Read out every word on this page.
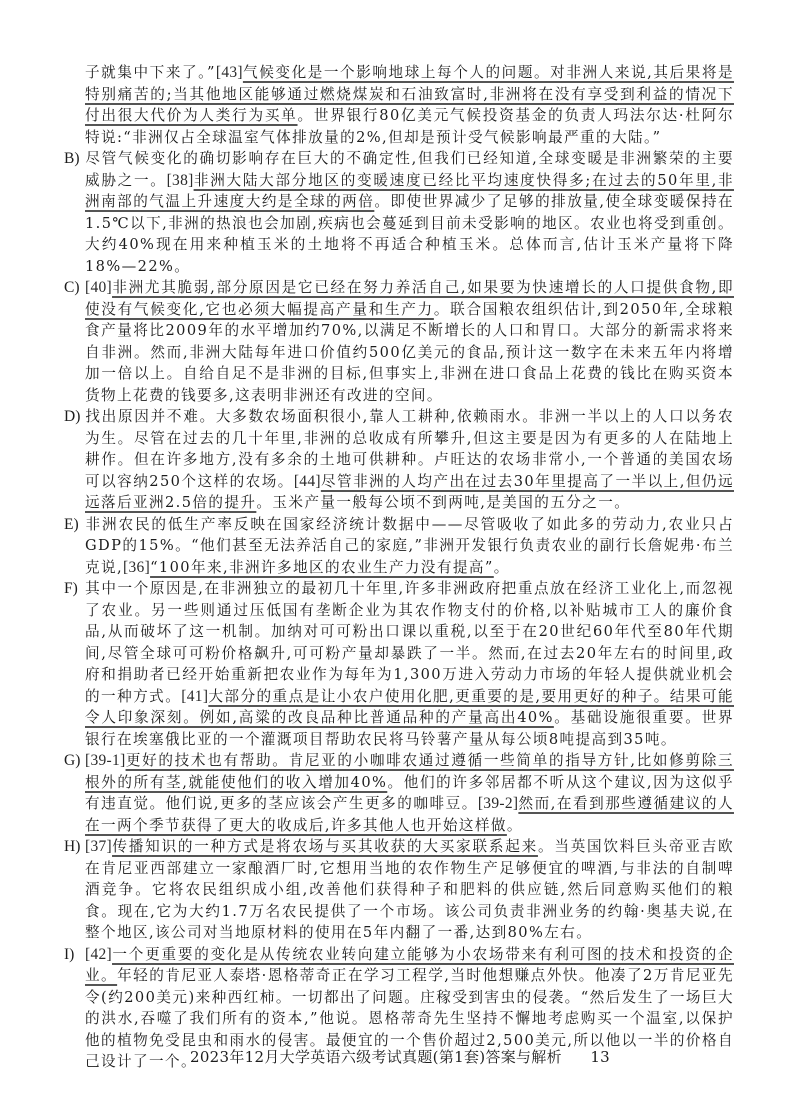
子就集中下来了。”[43]气候变化是一个影响地球上每个人的问题。对非洲人来说,其后果将是特别痛苦的;当其他地区能够通过燃烧煤炭和石油致富时,非洲将在没有享受到利益的情况下付出很大代价为人类行为买单。世界银行80亿美元气候投资基金的负责人玛法尔达·杜阿尔特说:“非洲仅占全球温室气体排放量的2%,但却是预计受气候影响最严重的大陆。”

B) 尽管气候变化的确切影响存在巨大的不确定性,但我们已经知道,全球变暖是非洲繁荣的主要威胁之一。[38]非洲大陆大部分地区的变暖速度已经比平均速度快得多;在过去的50年里,非洲南部的气温上升速度大约是全球的两倍。即使世界减少了足够的排放量,使全球变暖保持在1.5℃以下,非洲的热浪也会加剧,疾病也会蔓延到目前未受影响的地区。农业也将受到重创。大约40%现在用来种植玉米的土地将不再适合种植玉米。总体而言,估计玉米产量将下降18%—22%。

C) [40]非洲尤其脆弱,部分原因是它已经在努力养活自己,如果要为快速增长的人口提供食物,即使没有气候变化,它也必须大幅提高产量和生产力。联合国粮农组织估计,到2050年,全球粮食产量将比2009年的水平增加约70%,以满足不断增长的人口和胃口。大部分的新需求将来自非洲。然而,非洲大陆每年进口价值约500亿美元的食品,预计这一数字在未来五年内将增加一倍以上。自给自足不是非洲的目标,但事实上,非洲在进口食品上花费的钱比在购买资本货物上花费的钱要多,这表明非洲还有改进的空间。

D) 找出原因并不难。大多数农场面积很小,靠人工耕种,依赖雨水。非洲一半以上的人口以务农为生。尽管在过去的几十年里,非洲的总收成有所攀升,但这主要是因为有更多的人在陆地上耕作。但在许多地方,没有多余的土地可供耕种。卢旺达的农场非常小,一个普通的美国农场可以容纳250个这样的农场。[44]尽管非洲的人均产出在过去30年里提高了一半以上,但仍远远落后亚洲2.5倍的提升。玉米产量一般每公顷不到两吨,是美国的五分之一。

E) 非洲农民的低生产率反映在国家经济统计数据中——尽管吸收了如此多的劳动力,农业只占GDP的15%。“他们甚至无法养活自己的家庭,”非洲开发银行负责农业的副行长詹妮弗·布兰克说,[36]“100年来,非洲许多地区的农业生产力没有提高”。

F) 其中一个原因是,在非洲独立的最初几十年里,许多非洲政府把重点放在经济工业化上,而忽视了农业。另一些则通过压低国有垄断企业为其农作物支付的价格,以补贴城市工人的廉价食品,从而破坏了这一机制。加纳对可可粉出口课以重税,以至于在20世纪60年代至80年代期间,尽管全球可可粉价格飙升,可可粉产量却暴跌了一半。然而,在过去20年左右的时间里,政府和捐助者已经开始重新把农业作为每年为1,300万进入劳动力市场的年轻人提供就业机会的一种方式。[41]大部分的重点是让小农户使用化肥,更重要的是,要用更好的种子。结果可能令人印象深刻。例如,高粱的改良品种比普通品种的产量高出40%。基础设施很重要。世界银行在埃塞俄比亚的一个灌溉项目帮助农民将马铃薯产量从每公顷8吨提高到35吨。

G) [39-1]更好的技术也有帮助。肯尼亚的小咖啡农通过遵循一些简单的指导方针,比如修剪除三根外的所有茎,就能使他们的收入增加40%。他们的许多邻居都不听从这个建议,因为这似乎有违直觉。他们说,更多的茎应该会产生更多的咖啡豆。[39-2]然而,在看到那些遵循建议的人在一两个季节获得了更大的收成后,许多其他人也开始这样做。

H) [37]传播知识的一种方式是将农场与买其收获的大买家联系起来。当英国饮料巨头帝亚吉欧在肯尼亚西部建立一家酿酒厂时,它想用当地的农作物生产足够便宜的啤酒,与非法的自制啤酒竞争。它将农民组织成小组,改善他们获得种子和肥料的供应链,然后同意购买他们的粮食。现在,它为大约1.7万名农民提供了一个市场。该公司负责非洲业务的约翰·奥基夫说,在整个地区,该公司对当地原材料的使用在5年内翻了一番,达到80%左右。

I) [42]一个更重要的变化是从传统农业转向建立能够为小农场带来有利可图的技术和投资的企业。年轻的肯尼亚人泰塔·恩格蒂奇正在学习工程学,当时他想赚点外快。他凑了2万肯尼亚先令(约200美元)来种西红柿。一切都出了问题。庄稼受到害虫的侵袭。“然后发生了一场巨大的洪水,吞噬了我们所有的资本,”他说。恩格蒂奇先生坚持不懈地考虑购买一个温室,以保护他的植物免受昆虫和雨水的侵害。最便宜的一个售价超过2,500美元,所以他以一半的价格自己设计了一个。

2023年12月大学英语六级考试真题(第1套)答案与解析 13
